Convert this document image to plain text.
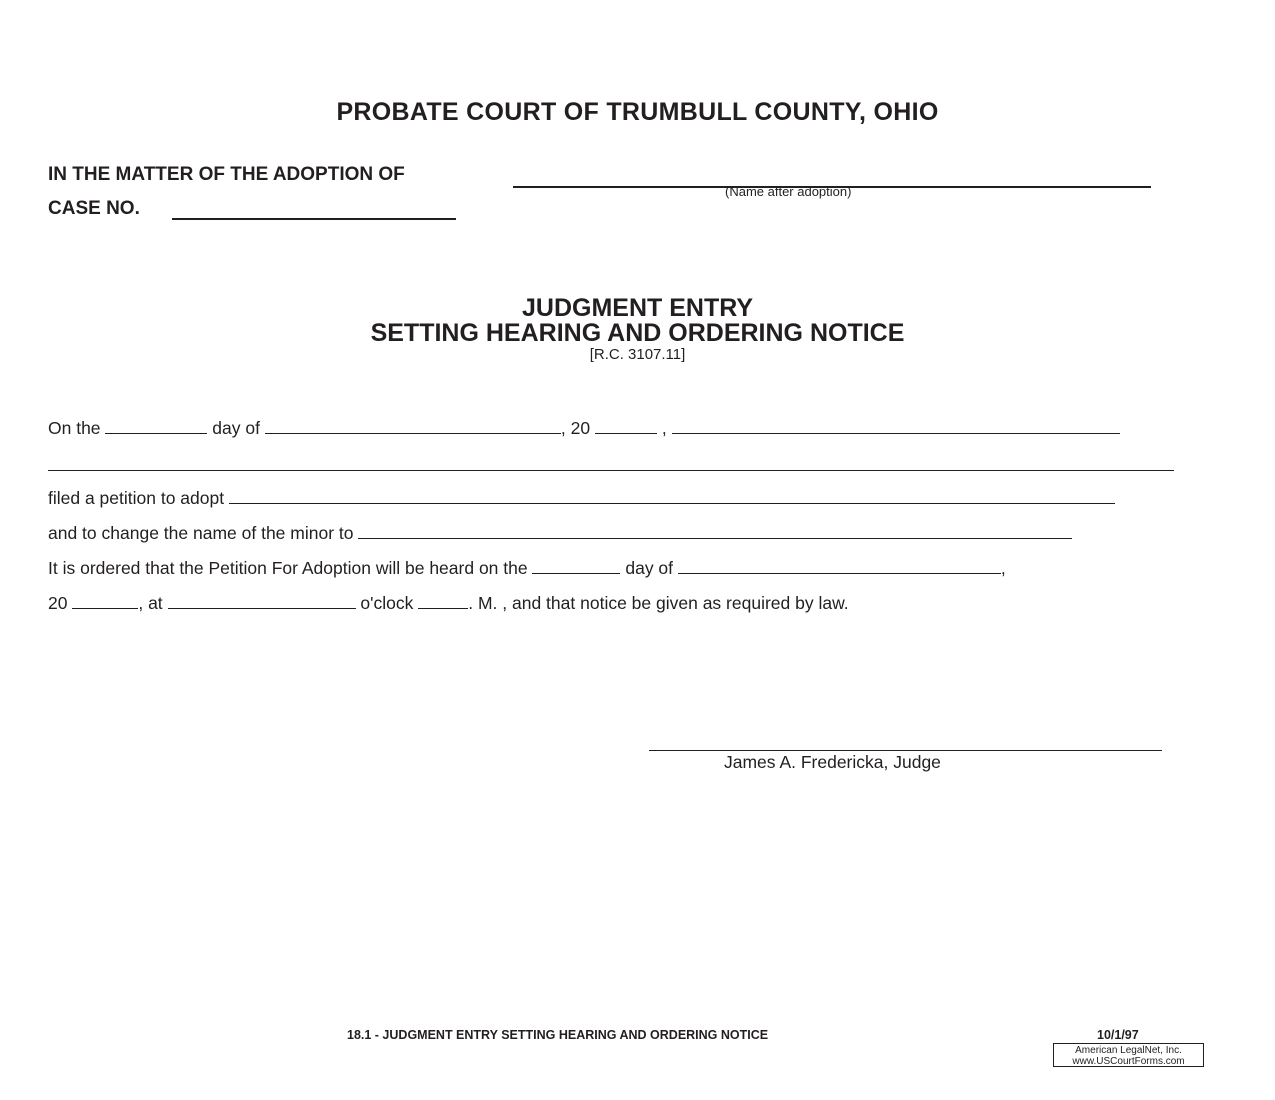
PROBATE COURT OF TRUMBULL COUNTY, OHIO
IN THE MATTER OF THE ADOPTION OF
(Name after adoption)
CASE NO.
JUDGMENT ENTRY
SETTING HEARING AND ORDERING NOTICE
[R.C. 3107.11]
On the	day of	, 20	,
filed a petition to adopt
and to change the name of the minor to
It is ordered that the Petition For Adoption will be heard on the	day of	,
20	, at	o'clock	. M. , and that notice be given as required by law.
James A. Fredericka, Judge
18.1 - JUDGMENT ENTRY SETTING HEARING AND ORDERING NOTICE	10/1/97
American LegalNet, Inc.
www.USCourtForms.com
